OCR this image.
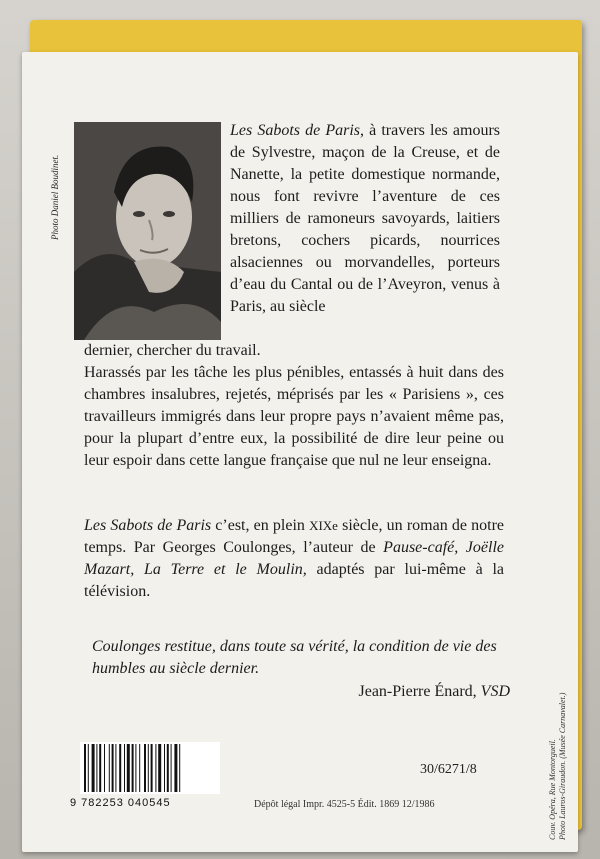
Photo Daniel Boudinet.

Les Sabots de Paris, à travers les amours de Sylvestre, maçon de la Creuse, et de Nanette, la petite domestique normande, nous font revivre l’aventure de ces milliers de ramoneurs savoyards, laitiers bretons, cochers picards, nourrices alsaciennes ou morvandelles, porteurs d’eau du Cantal ou de l’Aveyron, venus à Paris, au siècle

dernier, chercher du travail.

Harassés par les tâche les plus pénibles, entassés à huit dans des chambres insalubres, rejetés, méprisés par les « Parisiens », ces travailleurs immigrés dans leur propre pays n’avaient même pas, pour la plupart d’entre eux, la possibilité de dire leur peine ou leur espoir dans cette langue française que nul ne leur enseigna.

Les Sabots de Paris c’est, en plein XIXe siècle, un roman de notre temps. Par Georges Coulonges, l’auteur de Pause-café, Joëlle Mazart, La Terre et le Moulin, adaptés par lui-même à la télévision.

Coulonges restitue, dans toute sa vérité, la condition de vie des humbles au siècle dernier.

Jean-Pierre Énard, VSD

9 782253 040545

30/6271/8

Dépôt légal Impr. 4525-5 Édit. 1869 12/1986	Couv. Opéra, Rue Montorgueil. Photo Lauros-Giraudon. (Musée Carnavalet.)
